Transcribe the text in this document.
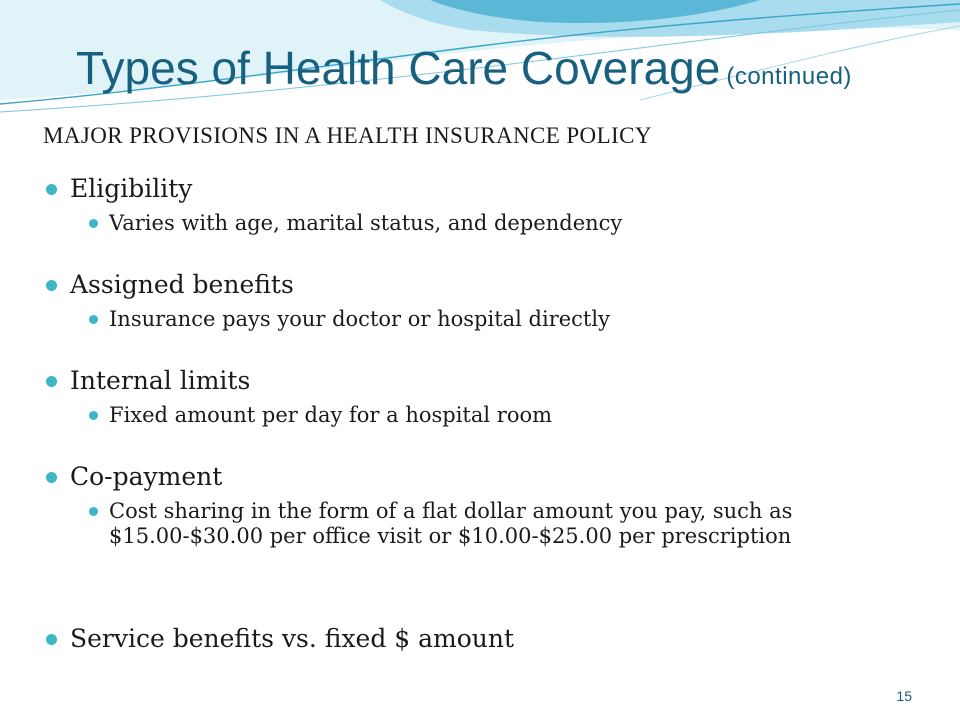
Types of Health Care Coverage (continued)

MAJOR PROVISIONS IN A HEALTH INSURANCE POLICY

Eligibility
Varies with age, marital status, and dependency
Assigned benefits
Insurance pays your doctor or hospital directly
Internal limits
Fixed amount per day for a hospital room
Co-payment
Cost sharing in the form of a flat dollar amount you pay, such as $15.00-$30.00 per office visit or $10.00-$25.00 per prescription
Service benefits vs. fixed $ amount
15
